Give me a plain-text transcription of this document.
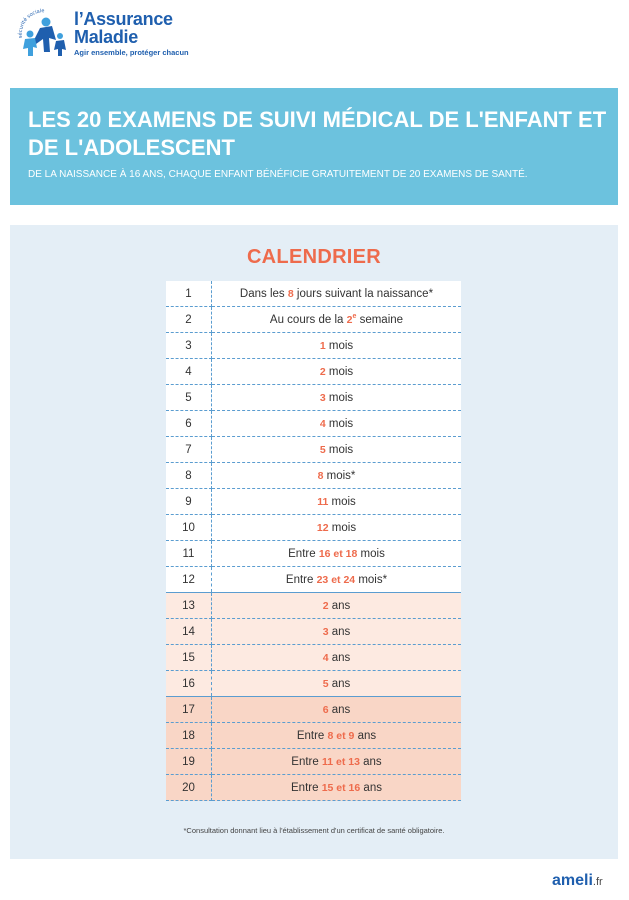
sécurité sociale l’Assurance
Maladie
Agir ensemble, protéger chacun
LES 20 EXAMENS DE SUIVI MÉDICAL DE L'ENFANT ET DE L'ADOLESCENT

DE LA NAISSANCE À 16 ANS, CHAQUE ENFANT BÉNÉFICIE GRATUITEMENT DE 20 EXAMENS DE SANTÉ.

CALENDRIER
1	Dans les 8 jours suivant la naissance*
2	Au cours de la 2e semaine
3	1 mois
4	2 mois
5	3 mois
6	4 mois
7	5 mois
8	8 mois*
9	11 mois
10	12 mois
11	Entre 16 et 18 mois
12	Entre 23 et 24 mois*
13	2 ans
14	3 ans
15	4 ans
16	5 ans
17	6 ans
18	Entre 8 et 9 ans
19	Entre 11 et 13 ans
20	Entre 15 et 16 ans

*Consultation donnant lieu à l'établissement d'un certificat de santé obligatoire.

ameli.fr
